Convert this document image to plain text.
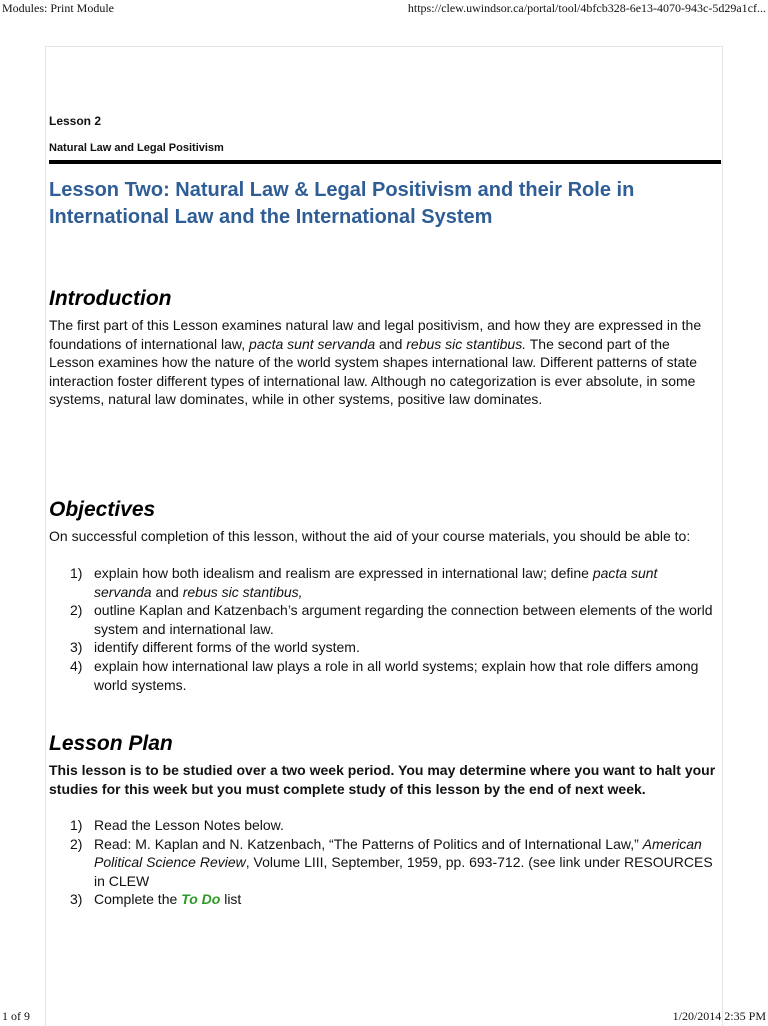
Modules: Print Module	https://clew.uwindsor.ca/portal/tool/4bfcb328-6e13-4070-943c-5d29a1cf...
Lesson 2
Natural Law and Legal Positivism
Lesson Two: Natural Law & Legal Positivism and their Role in International Law and the International System
Introduction

The first part of this Lesson examines natural law and legal positivism, and how they are expressed in the foundations of international law, pacta sunt servanda and rebus sic stantibus. The second part of the Lesson examines how the nature of the world system shapes international law. Different patterns of state interaction foster different types of international law. Although no categorization is ever absolute, in some systems, natural law dominates, while in other systems, positive law dominates.

Objectives

On successful completion of this lesson, without the aid of your course materials, you should be able to:

1) explain how both idealism and realism are expressed in international law; define pacta sunt servanda and rebus sic stantibus,
2) outline Kaplan and Katzenbach’s argument regarding the connection between elements of the world system and international law.
3) identify different forms of the world system.
4) explain how international law plays a role in all world systems; explain how that role differs among world systems.
Lesson Plan

This lesson is to be studied over a two week period. You may determine where you want to halt your studies for this week but you must complete study of this lesson by the end of next week.

1) Read the Lesson Notes below.
2) Read: M. Kaplan and N. Katzenbach, “The Patterns of Politics and of International Law,” American Political Science Review, Volume LIII, September, 1959, pp. 693-712. (see link under RESOURCES in CLEW
3) Complete the To Do list
1 of 9	1/20/2014 2:35 PM
